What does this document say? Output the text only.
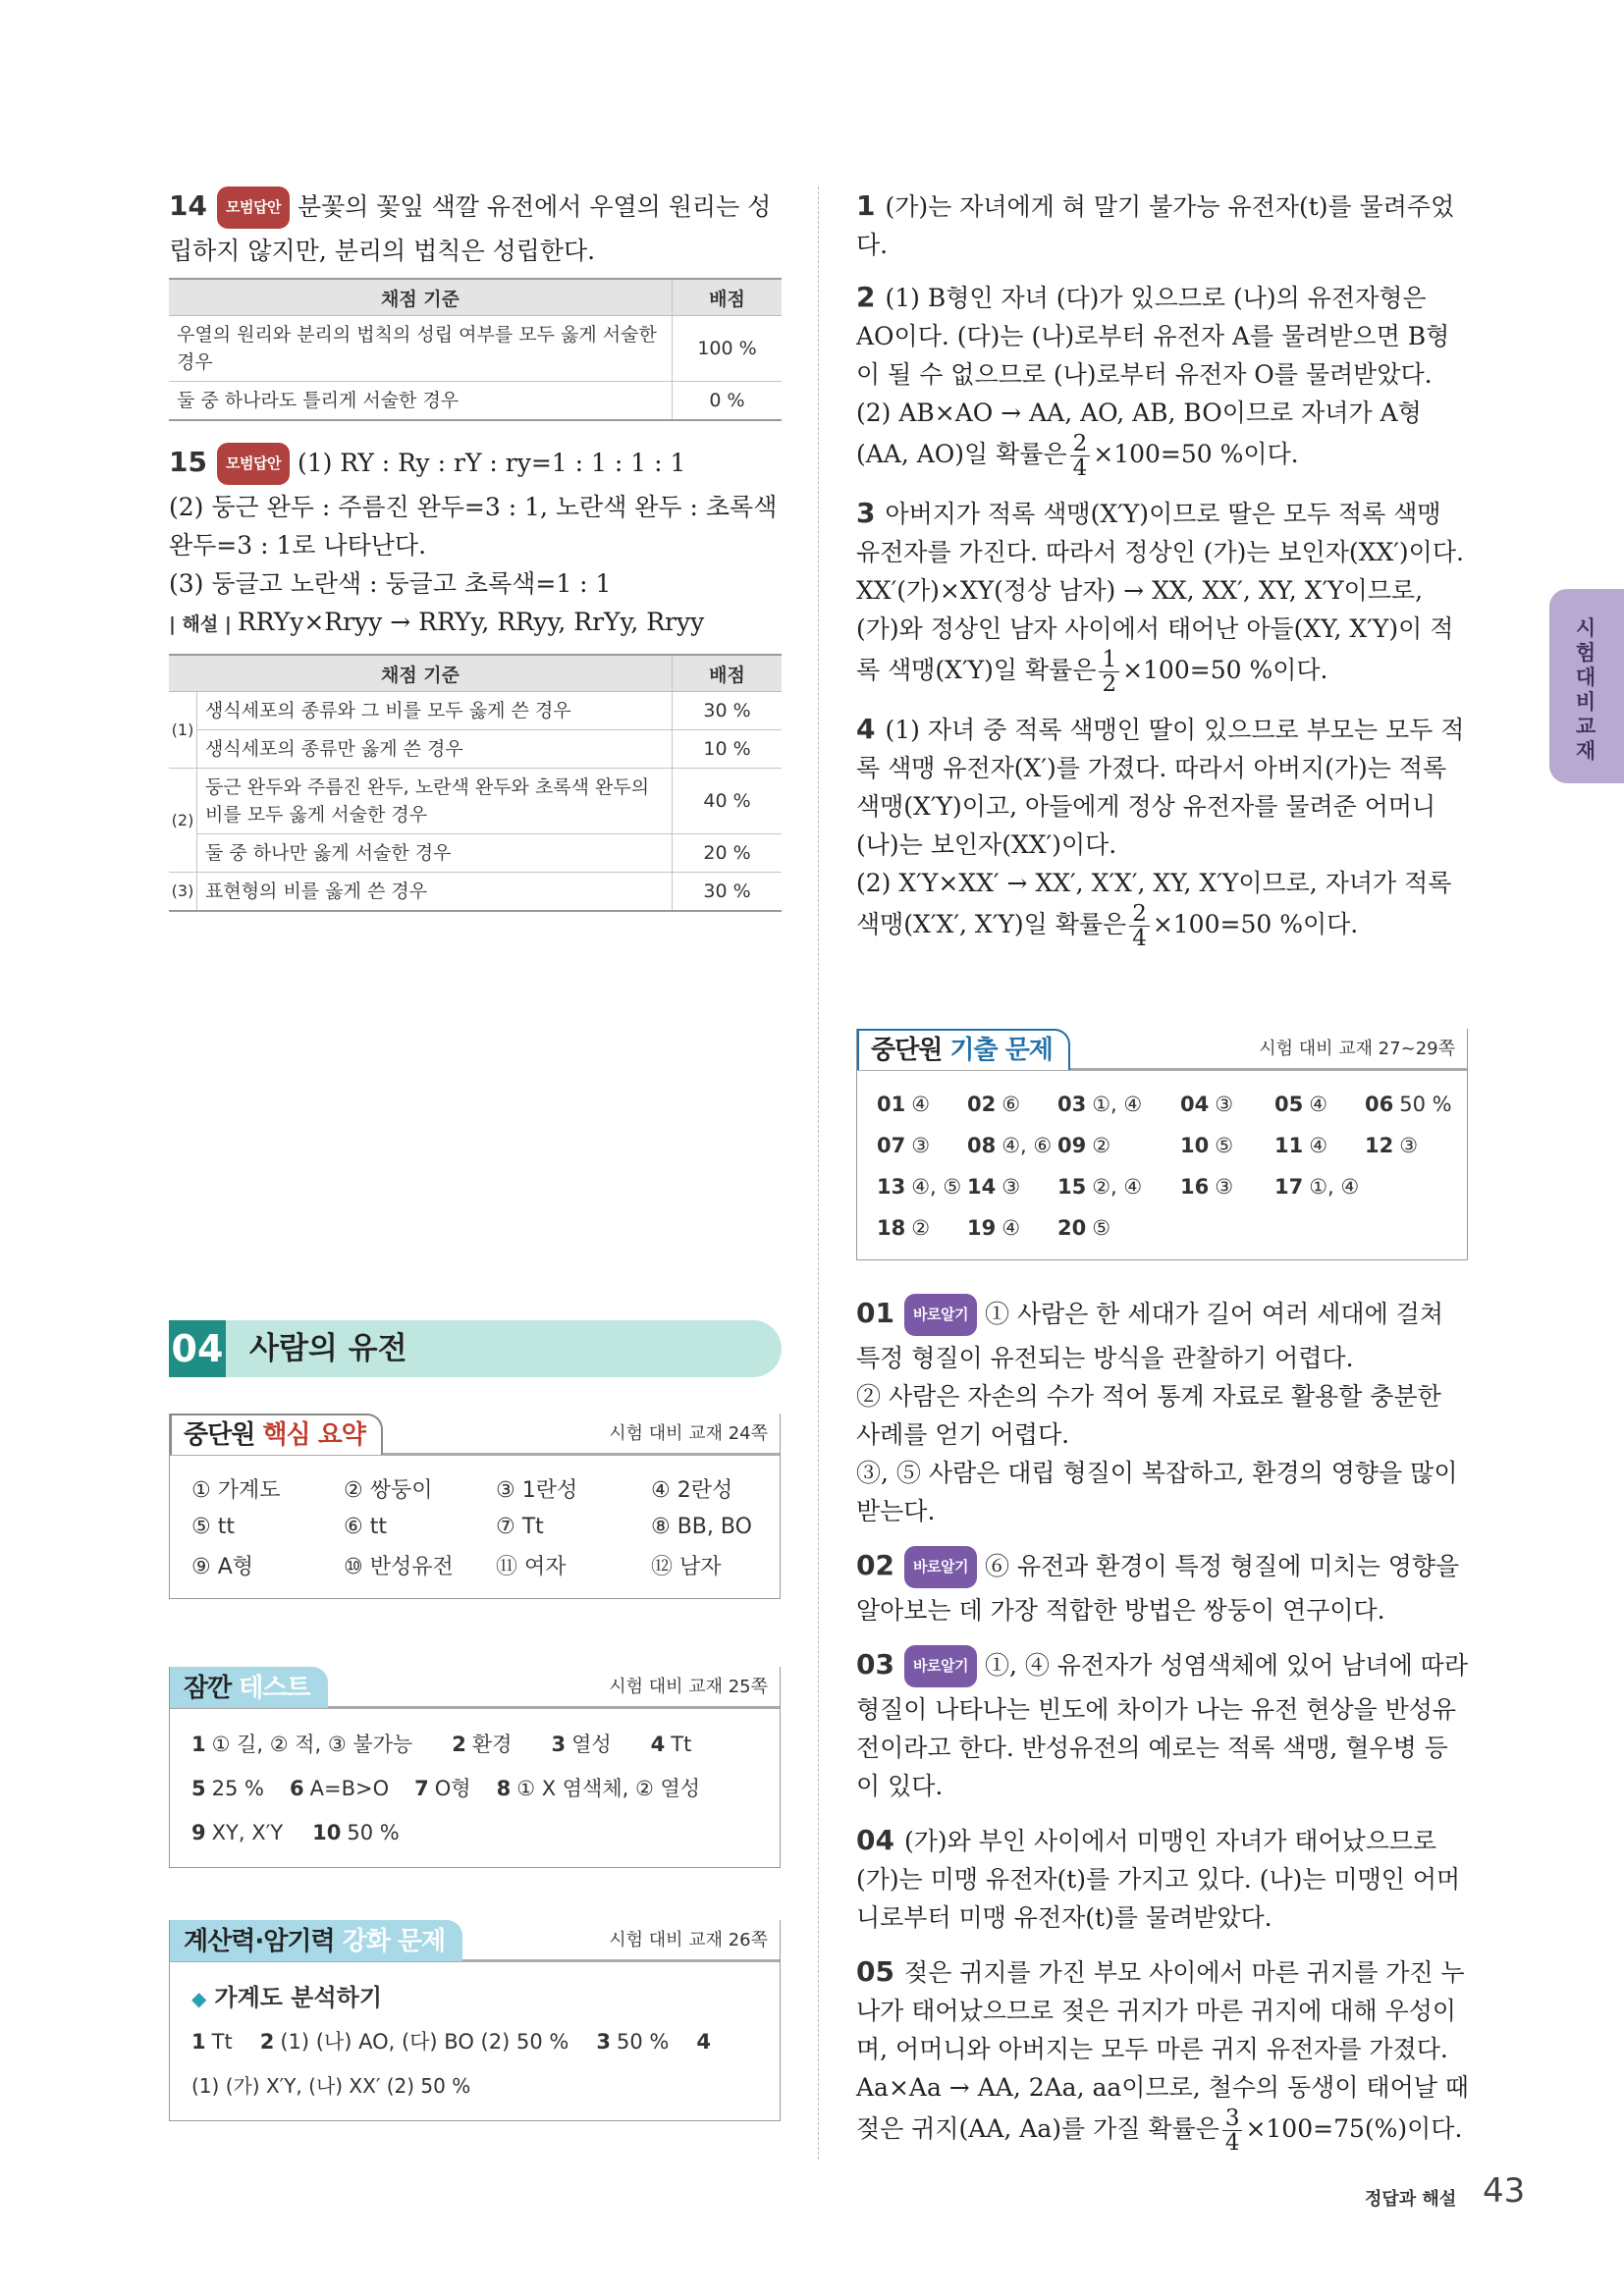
14 모범답안 분꽃의 꽃잎 색깔 유전에서 우열의 원리는 성립하지 않지만, 분리의 법칙은 성립한다.

채점 기준	배점
우열의 원리와 분리의 법칙의 성립 여부를 모두 옳게 서술한 경우	100 %
둘 중 하나라도 틀리게 서술한 경우	0 %

15 모범답안 (1) RY : Ry : rY : ry=1 : 1 : 1 : 1

(2) 둥근 완두 : 주름진 완두=3 : 1, 노란색 완두 : 초록색 완두=3 : 1로 나타난다.

(3) 둥글고 노란색 : 둥글고 초록색=1 : 1

| 해설 | RRYy×Rryy → RRYy, RRyy, RrYy, Rryy

채점 기준		배점
(1)	생식세포의 종류와 그 비를 모두 옳게 쓴 경우	30 %
	생식세포의 종류만 옳게 쓴 경우	10 %
(2)	둥근 완두와 주름진 완두, 노란색 완두와 초록색 완두의 비를 모두 옳게 서술한 경우	40 %
	둘 중 하나만 옳게 서술한 경우	20 %
(3)	표현형의 비를 옳게 쓴 경우	30 %
04 사람의 유전
중단원 핵심 요약	시험 대비 교재 24쪽
① 가계도	② 쌍둥이	③ 1란성	④ 2란성
⑤ tt	⑥ tt	⑦ Tt	⑧ BB, BO
⑨ A형	⑩ 반성유전	⑪ 여자	⑫ 남자
잠깐 테스트	시험 대비 교재 25쪽
1 ① 길, ② 적, ③ 불가능 2 환경 3 열성 4 Tt
5 25 % 6 A=B>O 7 O형 8 ① X 염색체, ② 열성
9 XY, X′Y 10 50 %
계산력·암기력 강화 문제	시험 대비 교재 26쪽
◆ 가계도 분석하기
1 Tt 2 (1) (나) AO, (다) BO (2) 50 % 3 50 % 4
(1) (가) X′Y, (나) XX′ (2) 50 %

1 (가)는 자녀에게 혀 말기 불가능 유전자(t)를 물려주었다.

2 (1) B형인 자녀 (다)가 있으므로 (나)의 유전자형은 AO이다. (다)는 (나)로부터 유전자 A를 물려받으면 B형이 될 수 없으므로 (나)로부터 유전자 O를 물려받았다.

(2) AB×AO → AA, AO, AB, BO이므로 자녀가 A형(AA, AO)일 확률은 $\frac{2}{4} \times 100=50$ %이다.

3 아버지가 적록 색맹(X′Y)이므로 딸은 모두 적록 색맹 유전자를 가진다. 따라서 정상인 (가)는 보인자(XX′)이다. XX′(가)×XY(정상 남자) → XX, XX′, XY, X′Y이므로, (가)와 정상인 남자 사이에서 태어난 아들(XY, X′Y)이 적록 색맹(X′Y)일 확률은 $\frac{1}{2} \times 100=50$ %이다.

4 (1) 자녀 중 적록 색맹인 딸이 있으므로 부모는 모두 적록 색맹 유전자(X′)를 가졌다. 따라서 아버지(가)는 적록 색맹(X′Y)이고, 아들에게 정상 유전자를 물려준 어머니(나)는 보인자(XX′)이다.

(2) X′Y×XX′ → XX′, X′X′, XY, X′Y이므로, 자녀가 적록 색맹(X′X′, X′Y)일 확률은 $\frac{2}{4} \times 100=50$ %이다.

중단원 기출 문제	시험 대비 교재 27~29쪽
01 ④	02 ⑥	03 ①, ④	04 ③	05 ④	06 50 %
07 ③	08 ④, ⑥ 09 ②	10 ⑤	11 ④	12 ③
13 ④, ⑤ 14 ③	15 ②, ④	16 ③	17 ①, ④
18 ②	19 ④	20 ⑤

01 바로알기 ① 사람은 한 세대가 길어 여러 세대에 걸쳐 특정 형질이 유전되는 방식을 관찰하기 어렵다.

② 사람은 자손의 수가 적어 통계 자료로 활용할 충분한 사례를 얻기 어렵다.

③, ⑤ 사람은 대립 형질이 복잡하고, 환경의 영향을 많이 받는다.

02 바로알기 ⑥ 유전과 환경이 특정 형질에 미치는 영향을 알아보는 데 가장 적합한 방법은 쌍둥이 연구이다.

03 바로알기 ①, ④ 유전자가 성염색체에 있어 남녀에 따라 형질이 나타나는 빈도에 차이가 나는 유전 현상을 반성유전이라고 한다. 반성유전의 예로는 적록 색맹, 혈우병 등이 있다.

04 (가)와 부인 사이에서 미맹인 자녀가 태어났으므로 (가)는 미맹 유전자(t)를 가지고 있다. (나)는 미맹인 어머니로부터 미맹 유전자(t)를 물려받았다.

05 젖은 귀지를 가진 부모 사이에서 마른 귀지를 가진 누나가 태어났으므로 젖은 귀지가 마른 귀지에 대해 우성이며, 어머니와 아버지는 모두 마른 귀지 유전자를 가졌다. Aa×Aa → AA, 2Aa, aa이므로, 철수의 동생이 태어날 때 젖은 귀지(AA, Aa)를 가질 확률은 $\frac{3}{4} \times 100=75(\%)$이다.

시험대비교재
정답과 해설 43
